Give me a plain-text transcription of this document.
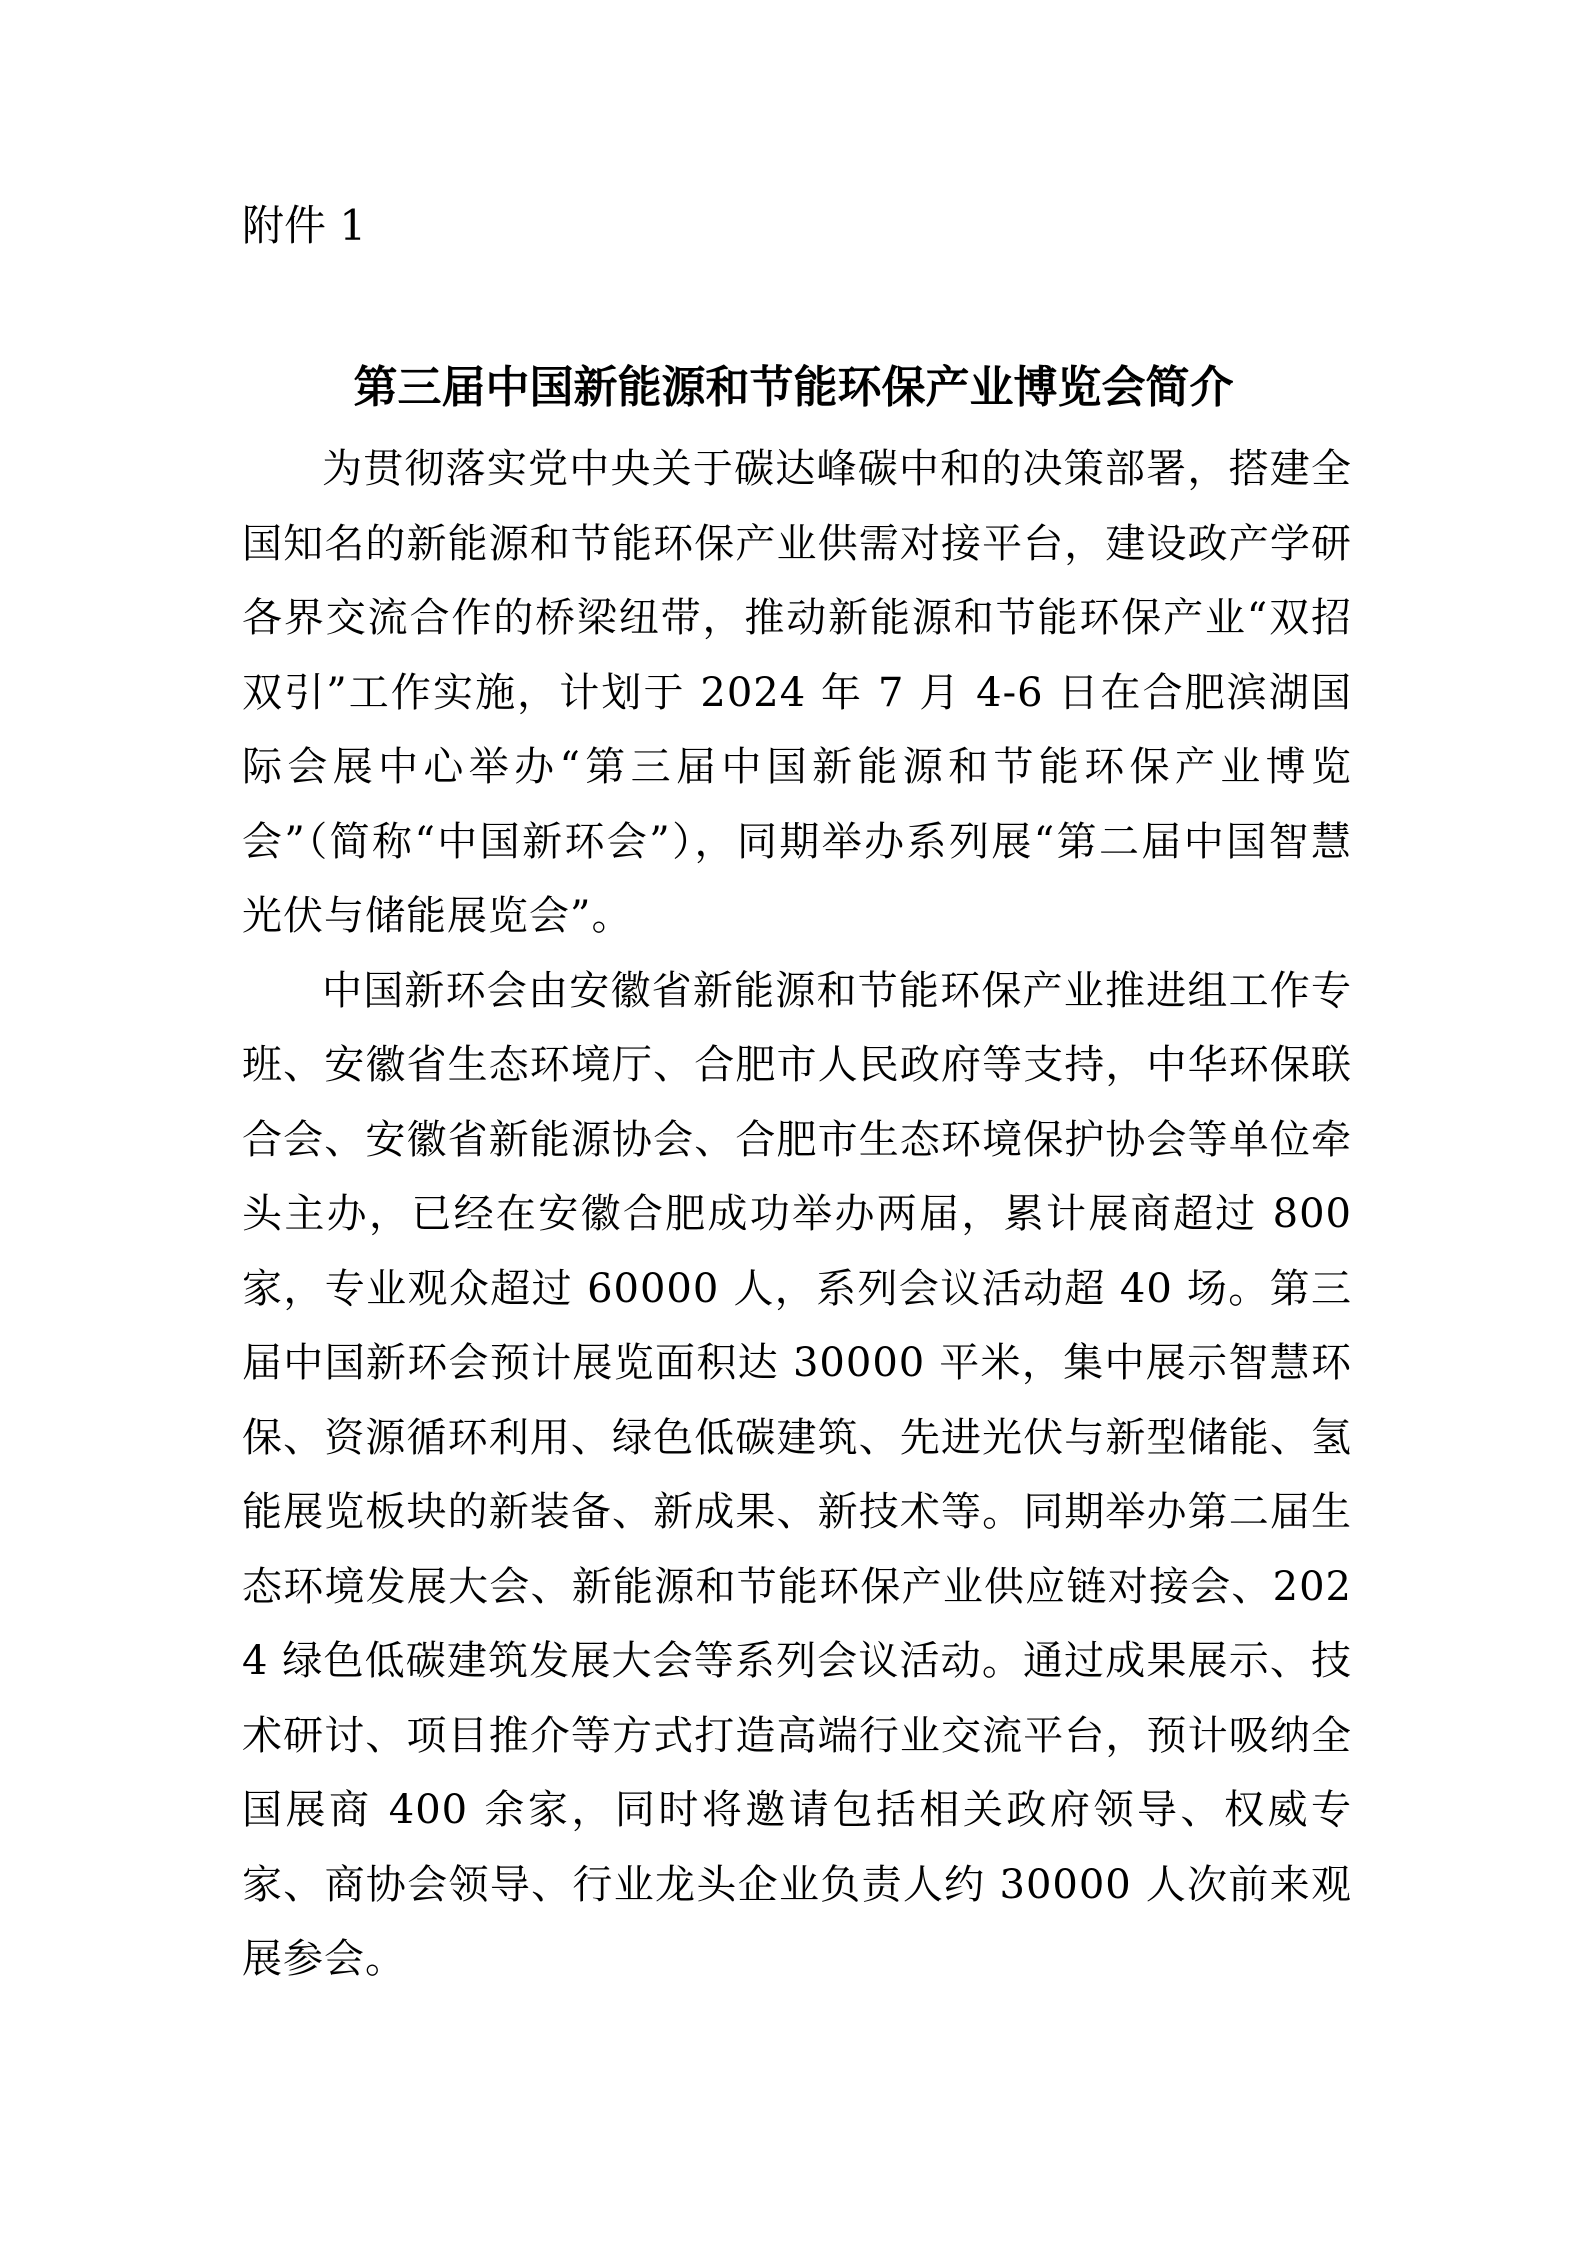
附件 1
第三届中国新能源和节能环保产业博览会简介

为贯彻落实党中央关于碳达峰碳中和的决策部署，搭建全国知名的新能源和节能环保产业供需对接平台，建设政产学研各界交流合作的桥梁纽带，推动新能源和节能环保产业“双招双引”工作实施，计划于 2024 年 7 月 4-6 日在合肥滨湖国际会展中心举办“第三届中国新能源和节能环保产业博览会”（简称“中国新环会”），同期举办系列展“第二届中国智慧光伏与储能展览会”。

中国新环会由安徽省新能源和节能环保产业推进组工作专班、安徽省生态环境厅、合肥市人民政府等支持，中华环保联合会、安徽省新能源协会、合肥市生态环境保护协会等单位牵头主办，已经在安徽合肥成功举办两届，累计展商超过 800 家，专业观众超过 60000 人，系列会议活动超 40 场。第三届中国新环会预计展览面积达 30000 平米，集中展示智慧环保、资源循环利用、绿色低碳建筑、先进光伏与新型储能、氢能展览板块的新装备、新成果、新技术等。同期举办第二届生态环境发展大会、新能源和节能环保产业供应链对接会、2024 绿色低碳建筑发展大会等系列会议活动。通过成果展示、技术研讨、项目推介等方式打造高端行业交流平台，预计吸纳全国展商 400 余家，同时将邀请包括相关政府领导、权威专家、商协会领导、行业龙头企业负责人约 30000 人次前来观展参会。
